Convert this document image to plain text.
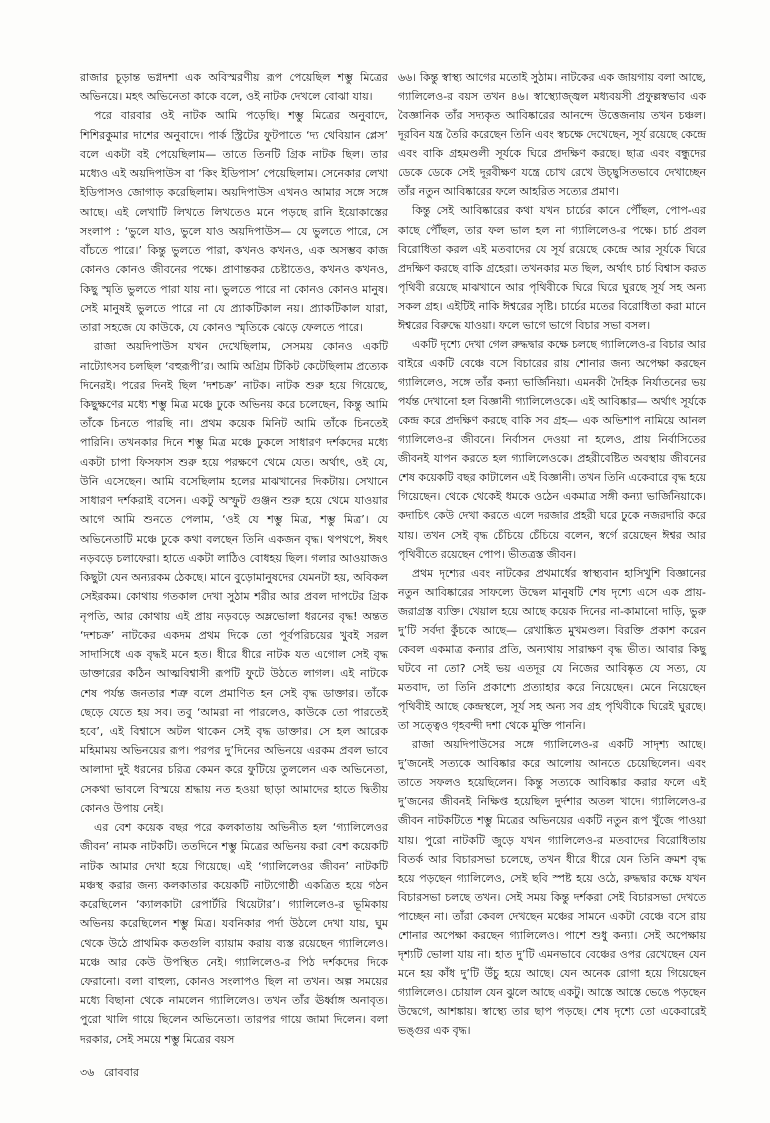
রাজার চূড়ান্ত ভগ্নদশা এক অবিস্মরণীয় রূপ পেয়েছিল শম্ভু মিত্রের অভিনয়ে। মহৎ অভিনেতা কাকে বলে, ওই নাটক দেখলে বোঝা যায়।

পরে বারবার ওই নাটক আমি পড়েছি। শম্ভু মিত্রের অনুবাদে, শিশিরকুমার দাশের অনুবাদে। পার্ক স্ট্রিটের ফুটপাতে ‘দ্য থেবিয়ান প্লেস’ বলে একটা বই পেয়েছিলাম— তাতে তিনটি গ্রিক নাটক ছিল। তার মধ্যেও এই অয়দিপাউস বা ‘কিং ইডিপাস’ পেয়েছিলাম। সেনেকার লেখা ইডিপাসও জোগাড় করেছিলাম। অয়দিপাউস এখনও আমার সঙ্গে সঙ্গে আছে। এই লেখাটি লিখতে লিখতেও মনে পড়ছে রানি ইয়োকাস্তের সংলাপ : ‘ভুলে যাও, ভুলে যাও অয়দিপাউস— যে ভুলতে পারে, সে বাঁচতে পারে।’ কিন্তু ভুলতে পারা, কখনও কখনও, এক অসম্ভব কাজ কোনও কোনও জীবনের পক্ষে। প্রাণান্তকর চেষ্টাতেও, কখনও কখনও, কিছু স্মৃতি ভুলতে পারা যায় না। ভুলতে পারে না কোনও কোনও মানুষ। সেই মানুষই ভুলতে পারে না যে প্র্যাকটিকাল নয়। প্র্যাকটিকাল যারা, তারা সহজে যে কাউকে, যে কোনও স্মৃতিকে ঝেড়ে ফেলতে পারে।

রাজা অয়দিপাউস যখন দেখেছিলাম, সেসময় কোনও একটি নাট্যোৎসব চলছিল ‘বহুরূপী’র। আমি অগ্রিম টিকিট কেটেছিলাম প্রত্যেক দিনেরই। পরের দিনই ছিল ‘দশচক্র’ নাটক। নাটক শুরু হয়ে গিয়েছে, কিছুক্ষণের মধ্যে শম্ভু মিত্র মঞ্চে ঢুকে অভিনয় করে চলেছেন, কিন্তু আমি তাঁকে চিনতে পারছি না। প্রথম কয়েক মিনিট আমি তাঁকে চিনতেই পারিনি। তখনকার দিনে শম্ভু মিত্র মঞ্চে ঢুকলে সাধারণ দর্শকদের মধ্যে একটা চাপা ফিসফাস শুরু হয়ে পরক্ষণে থেমে যেত। অর্থাৎ, ওই যে, উনি এসেছেন। আমি বসেছিলাম হলের মাঝখানের দিকটায়। সেখানে সাধারণ দর্শকরাই বসেন। একটু অস্ফুট গুঞ্জন শুরু হয়ে থেমে যাওয়ার আগে আমি শুনতে পেলাম, ‘ওই যে শম্ভু মিত্র, শম্ভু মিত্র’। যে অভিনেতাটি মঞ্চে ঢুকে কথা বলছেন তিনি একজন বৃদ্ধ। থপথপে, ঈষৎ নড়বড়ে চলাফেরা। হাতে একটা লাঠিও বোধহয় ছিল। গলার আওয়াজও কিছুটা যেন অন্যরকম ঠেকছে। মানে বুড়োমানুষদের যেমনটা হয়, অবিকল সেইরকম। কোথায় গতকাল দেখা সুঠাম শরীর আর প্রবল দাপটের গ্রিক নৃপতি, আর কোথায় এই প্রায় নড়বড়ে অম্লভোলা ধরনের বৃদ্ধ! অন্তত ‘দশচক্র’ নাটকের একদম প্রথম দিকে তো পূর্বপরিচয়ের খুবই সরল সাদাসিধে এক বৃদ্ধই মনে হত। ধীরে ধীরে নাটক যত এগোল সেই বৃদ্ধ ডাক্তারের কঠিন আত্মবিশ্বাসী রূপটি ফুটে উঠতে লাগল। এই নাটকে শেষ পর্যন্ত জনতার শত্রু বলে প্রমাণিত হন সেই বৃদ্ধ ডাক্তার। তাঁকে ছেড়ে যেতে হয় সব। তবু ‘আমরা না পারলেও, কাউকে তো পারতেই হবে’, এই বিশ্বাসে অটল থাকেন সেই বৃদ্ধ ডাক্তার। সে হল আরেক মহিমাময় অভিনয়ের রূপ। পরপর দু’দিনের অভিনয়ে এরকম প্রবল ভাবে আলাদা দুই ধরনের চরিত্র কেমন করে ফুটিয়ে তুললেন এক অভিনেতা, সেকথা ভাবলে বিস্ময়ে শ্রদ্ধায় নত হওয়া ছাড়া আমাদের হাতে দ্বিতীয় কোনও উপায় নেই।

এর বেশ কয়েক বছর পরে কলকাতায় অভিনীত হল ‘গ্যালিলেওর জীবন’ নামক নাটকটি। ততদিনে শম্ভু মিত্রের অভিনয় করা বেশ কয়েকটি নাটক আমার দেখা হয়ে গিয়েছে। এই ‘গ্যালিলেওর জীবন’ নাটকটি মঞ্চস্থ করার জন্য কলকাতার কয়েকটি নাট্যগোষ্ঠী একত্রিত হয়ে গঠন করেছিলেন ‘ক্যালকাটা রেপার্টরি থিয়েটার’। গ্যালিলেও-র ভূমিকায় অভিনয় করেছিলেন শম্ভু মিত্র। যবনিকার পর্দা উঠলে দেখা যায়, ঘুম থেকে উঠে প্রাথমিক কতগুলি ব্যায়াম করায় ব্যস্ত রয়েছেন গ্যালিলেও। মঞ্চে আর কেউ উপস্থিত নেই। গ্যালিলেও-র পিঠ দর্শকদের দিকে ফেরানো। বলা বাহুল্য, কোনও সংলাপও ছিল না তখন। অল্প সময়ের মধ্যে বিছানা থেকে নামলেন গ্যালিলেও। তখন তাঁর ঊর্ধ্বাঙ্গ অনাবৃত। পুরো খালি গায়ে ছিলেন অভিনেতা। তারপর গায়ে জামা দিলেন। বলা দরকার, সেই সময়ে শম্ভু মিত্রের বয়স

৬৬। কিন্তু স্বাস্থ্য আগের মতোই সুঠাম। নাটকের এক জায়গায় বলা আছে, গ্যালিলেও-র বয়স তখন ৪৬। স্বাস্থ্যোজ্জ্বল মধ্যবয়সী প্রফুল্লস্বভাব এক বৈজ্ঞানিক তাঁর সদ্যকৃত আবিষ্কারের আনন্দে উত্তেজনায় তখন চঞ্চল। দূরবিন যন্ত্র তৈরি করেছেন তিনি এবং স্বচক্ষে দেখেছেন, সূর্য রয়েছে কেন্দ্রে এবং বাকি গ্রহমণ্ডলী সূর্যকে ঘিরে প্রদক্ষিণ করছে। ছাত্র এবং বন্ধুদের ডেকে ডেকে সেই দূরবীক্ষণ যন্ত্রে চোখ রেখে উচ্ছ্বসিতভাবে দেখাচ্ছেন তাঁর নতুন আবিষ্কারের ফলে আহরিত সত্যের প্রমাণ।

কিন্তু সেই আবিষ্কারের কথা যখন চার্চের কানে পৌঁছল, পোপ-এর কাছে পৌঁছল, তার ফল ভাল হল না গ্যালিলেও-র পক্ষে। চার্চ প্রবল বিরোধিতা করল এই মতবাদের যে সূর্য রয়েছে কেন্দ্রে আর সূর্যকে ঘিরে প্রদক্ষিণ করছে বাকি গ্রহেরা। তখনকার মত ছিল, অর্থাৎ চার্চ বিশ্বাস করত পৃথিবী রয়েছে মাঝখানে আর পৃথিবীকে ঘিরে ঘিরে ঘুরছে সূর্য সহ অন্য সকল গ্রহ। এইটিই নাকি ঈশ্বরের সৃষ্টি। চার্চের মতের বিরোধিতা করা মানে ঈশ্বরের বিরুদ্ধে যাওয়া। ফলে ভাগে ভাগে বিচার সভা বসল।

একটি দৃশ্যে দেখা গেল রুদ্ধদ্বার কক্ষে চলছে গ্যালিলেও-র বিচার আর বাইরে একটি বেঞ্চে বসে বিচারের রায় শোনার জন্য অপেক্ষা করছেন গ্যালিলেও, সঙ্গে তাঁর কন্যা ভার্জিনিয়া। এমনকী দৈহিক নির্যাতনের ভয় পর্যন্ত দেখানো হল বিজ্ঞানী গ্যালিলেওকে। এই আবিষ্কার— অর্থাৎ সূর্যকে কেন্দ্র করে প্রদক্ষিণ করছে বাকি সব গ্রহ— এক অভিশাপ নামিয়ে আনল গ্যালিলেও-র জীবনে। নির্বাসন দেওয়া না হলেও, প্রায় নির্বাসিতের জীবনই যাপন করতে হল গ্যালিলেওকে। প্রহরীবেষ্টিত অবস্থায় জীবনের শেষ কয়েকটি বছর কাটালেন এই বিজ্ঞানী। তখন তিনি একেবারে বৃদ্ধ হয়ে গিয়েছেন। থেকে থেকেই ধমকে ওঠেন একমাত্র সঙ্গী কন্যা ভার্জিনিয়াকে। কদাচিৎ কেউ দেখা করতে এলে দরজার প্রহরী ঘরে ঢুকে নজরদারি করে যায়। তখন সেই বৃদ্ধ চেঁচিয়ে চেঁচিয়ে বলেন, স্বর্গে রয়েছেন ঈশ্বর আর পৃথিবীতে রয়েছেন পোপ। ভীতত্রস্ত জীবন।

প্রথম দৃশ্যের এবং নাটকের প্রথমার্ধের স্বাস্থ্যবান হাসিখুশি বিজ্ঞানের নতুন আবিষ্কারের সাফল্যে উদ্বেল মানুষটি শেষ দৃশ্যে এসে এক প্রায়-জরাগ্রস্ত ব্যক্তি। খেয়াল হয়ে আছে কয়েক দিনের না-কামানো দাড়ি, ভুরু দু’টি সর্বদা কুঁচকে আছে— রেখাঙ্কিত মুখমণ্ডল। বিরক্তি প্রকাশ করেন কেবল একমাত্র কন্যার প্রতি, অন্যথায় সারাক্ষণ বৃদ্ধ ভীত। আবার কিছু ঘটবে না তো? সেই ভয় এতদূর যে নিজের আবিষ্কৃত যে সত্য, যে মতবাদ, তা তিনি প্রকাশ্যে প্রত্যাহার করে নিয়েছেন। মেনে নিয়েছেন পৃথিবীই আছে কেন্দ্রস্থলে, সূর্য সহ অন্য সব গ্রহ পৃথিবীকে ঘিরেই ঘুরছে। তা সত্ত্বেও গৃহবন্দী দশা থেকে মুক্তি পাননি।

রাজা অয়দিপাউসের সঙ্গে গ্যালিলেও-র একটি সাদৃশ্য আছে। দু’জনেই সত্যকে আবিষ্কার করে আলোয় আনতে চেয়েছিলেন। এবং তাতে সফলও হয়েছিলেন। কিন্তু সত্যকে আবিষ্কার করার ফলে এই দু’জনের জীবনই নিক্ষিপ্ত হয়েছিল দুর্দশার অতল খাদে। গ্যালিলেও-র জীবন নাটকটিতে শম্ভু মিত্রের অভিনয়ের একটি নতুন রূপ খুঁজে পাওয়া যায়। পুরো নাটকটি জুড়ে যখন গ্যালিলেও-র মতবাদের বিরোধিতায় বিতর্ক আর বিচারসভা চলেছে, তখন ধীরে ধীরে যেন তিনি ক্রমশ বৃদ্ধ হয়ে পড়ছেন গ্যালিলেও, সেই ছবি স্পষ্ট হয়ে ওঠে, রুদ্ধদ্বার কক্ষে যখন বিচারসভা চলছে তখন। সেই সময় কিন্তু দর্শকরা সেই বিচারসভা দেখতে পাচ্ছেন না। তাঁরা কেবল দেখছেন মঞ্চের সামনে একটা বেঞ্চে বসে রায় শোনার অপেক্ষা করছেন গ্যালিলেও। পাশে শুধু কন্যা। সেই অপেক্ষায় দৃশ্যটি ভোলা যায় না। হাত দু’টি এমনভাবে বেঞ্চের ওপর রেখেছেন যেন মনে হয় কাঁধ দু’টি উঁচু হয়ে আছে। যেন অনেক রোগা হয়ে গিয়েছেন গ্যালিলেও। চোয়াল যেন ঝুলে আছে একটু। আস্তে আস্তে ভেঙে পড়ছেন উদ্বেগে, আশঙ্কায়। স্বাস্থ্যে তার ছাপ পড়ছে। শেষ দৃশ্যে তো একেবারেই ভঙ্গুর এক বৃদ্ধ।

৩৬ রোববার
